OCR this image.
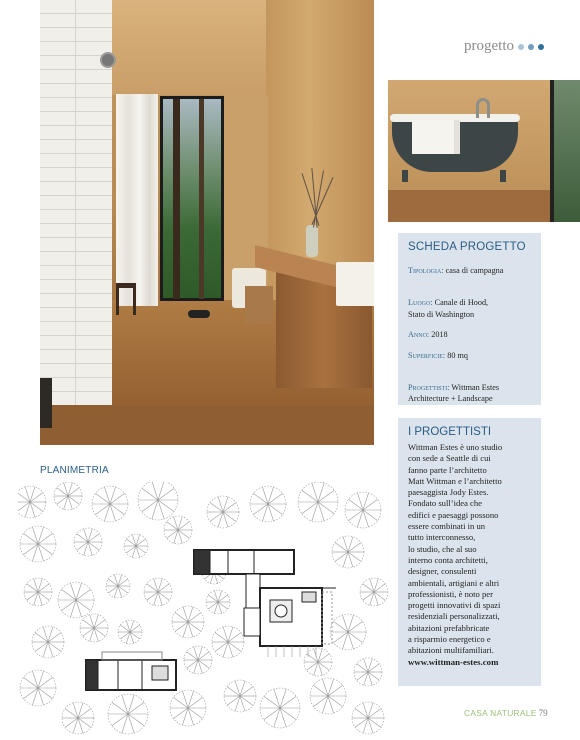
progetto
SCHEDA PROGETTO
Tipologia: casa di campagna

Luogo: Canale di Hood,
Stato di Washington

Anno: 2018
Superficie: 80 mq

Progettisti: Wittman Estes
Architecture + Landscape

I PROGETTISTI
Wittman Estes è uno studio
con sede a Seattle di cui
fanno parte l’architetto
Matt Wittman e l’architetto
paesaggista Jody Estes.
Fondato sull’idea che
edifici e paesaggi possono
essere combinati in un
tutto interconnesso,
lo studio, che al suo
interno conta architetti,
designer, consulenti
ambientali, artigiani e altri
professionisti, è noto per
progetti innovativi di spazi
residenziali personalizzati,
abitazioni prefabbricate
a risparmio energetico e
abitazioni multifamiliari.
www.wittman-estes.com
PLANIMETRIA
CASA NATURALE 79
